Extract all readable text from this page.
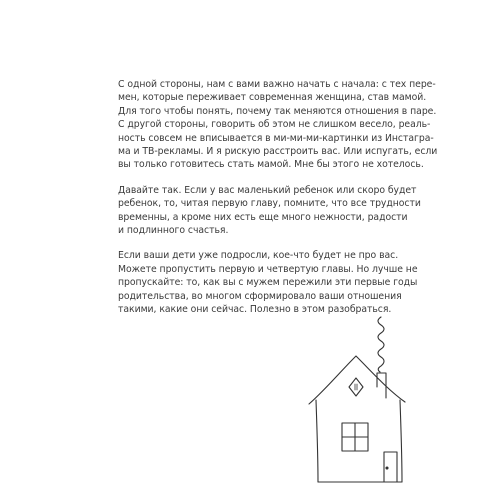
С одной стороны, нам с вами важно начать с начала: с тех пере-
мен, которые переживает современная женщина, став мамой.
Для того чтобы понять, почему так меняются отношения в паре.
С другой стороны, говорить об этом не слишком весело, реаль-
ность совсем не вписывается в ми-ми-ми-картинки из Инстагра-
ма и ТВ-рекламы. И я рискую расстроить вас. Или испугать, если
вы только готовитесь стать мамой. Мне бы этого не хотелось.

Давайте так. Если у вас маленький ребенок или скоро будет
ребенок, то, читая первую главу, помните, что все трудности
временны, а кроме них есть еще много нежности, радости
и подлинного счастья.

Если ваши дети уже подросли, кое-что будет не про вас.
Можете пропустить первую и четвертую главы. Но лучше не
пропускайте: то, как вы с мужем пережили эти первые годы
родительства, во многом сформировало ваши отношения
такими, какие они сейчас. Полезно в этом разобраться.
